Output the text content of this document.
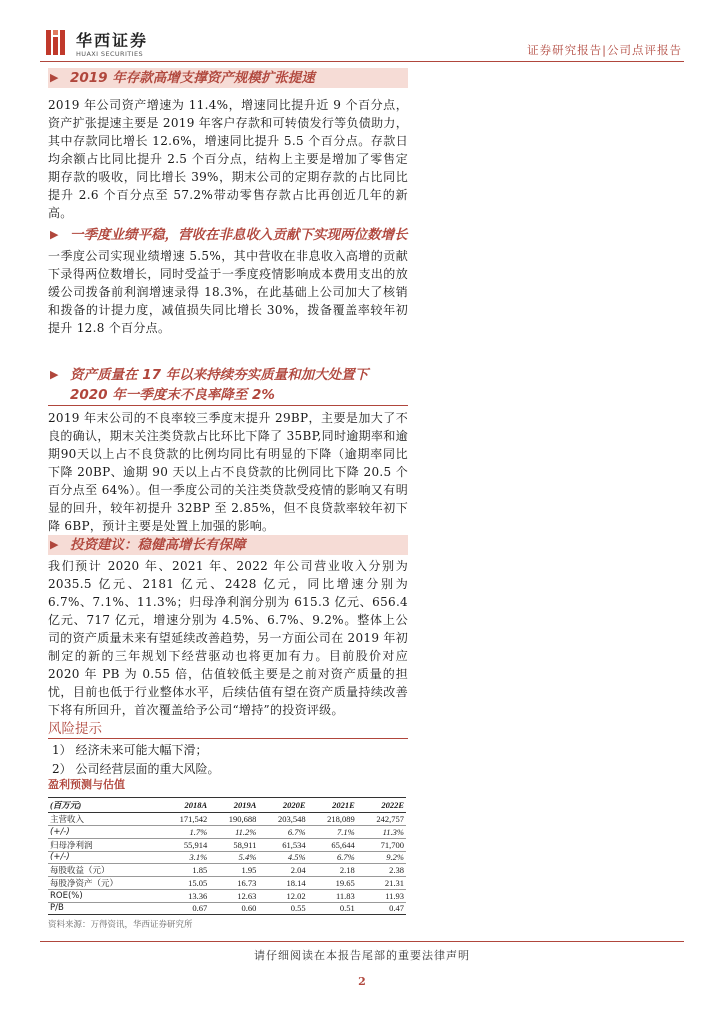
华西证券
HUAXI SECURITIES	证券研究报告|公司点评报告
▶ 2019 年存款高增支撑资产规模扩张提速
2019 年公司资产增速为 11.4%，增速同比提升近 9 个百分点，资产扩张提速主要是 2019 年客户存款和可转债发行等负债助力，其中存款同比增长 12.6%，增速同比提升 5.5 个百分点。存款日均余额占比同比提升 2.5 个百分点，结构上主要是增加了零售定期存款的吸收，同比增长 39%，期末公司的定期存款的占比同比提升 2.6 个百分点至 57.2%带动零售存款占比再创近几年的新高。
▶ 一季度业绩平稳，营收在非息收入贡献下实现两位数增长
一季度公司实现业绩增速 5.5%，其中营收在非息收入高增的贡献下录得两位数增长，同时受益于一季度疫情影响成本费用支出的放缓公司拨备前利润增速录得 18.3%，在此基础上公司加大了核销和拨备的计提力度，减值损失同比增长 30%，拨备覆盖率较年初提升 12.8 个百分点。
▶ 资产质量在 17 年以来持续夯实质量和加大处置下 2020 年一季度末不良率降至 2%
2019 年末公司的不良率较三季度末提升 29BP，主要是加大了不良的确认，期末关注类贷款占比环比下降了 35BP,同时逾期率和逾期90天以上占不良贷款的比例均同比有明显的下降（逾期率同比下降 20BP、逾期 90 天以上占不良贷款的比例同比下降 20.5 个百分点至 64%）。但一季度公司的关注类贷款受疫情的影响又有明显的回升，较年初提升 32BP 至 2.85%，但不良贷款率较年初下降 6BP，预计主要是处置上加强的影响。
▶ 投资建议：稳健高增长有保障
我们预计 2020 年、2021 年、2022 年公司营业收入分别为 2035.5 亿元、2181 亿元、2428 亿元，同比增速分别为 6.7%、7.1%、11.3%；归母净利润分别为 615.3 亿元、656.4 亿元、717 亿元，增速分别为 4.5%、6.7%、9.2%。整体上公司的资产质量未来有望延续改善趋势，另一方面公司在 2019 年初制定的新的三年规划下经营驱动也将更加有力。目前股价对应 2020 年 PB 为 0.55 倍，估值较低主要是之前对资产质量的担忧，目前也低于行业整体水平，后续估值有望在资产质量持续改善下将有所回升，首次覆盖给予公司“增持”的投资评级。
风险提示
1） 经济未来可能大幅下滑；
2） 公司经营层面的重大风险。
盈利预测与估值
(百万元)	2018A	2019A	2020E	2021E	2022E
主营收入	171,542	190,688	203,548	218,089	242,757
(+/-)	1.7%	11.2%	6.7%	7.1%	11.3%
归母净利润	55,914	58,911	61,534	65,644	71,700
(+/-)	3.1%	5.4%	4.5%	6.7%	9.2%
每股收益（元）	1.85	1.95	2.04	2.18	2.38
每股净资产（元）	15.05	16.73	18.14	19.65	21.31
ROE(%)	13.36	12.63	12.02	11.83	11.93
P/B	0.67	0.60	0.55	0.51	0.47
资料来源：万得资讯，华西证券研究所
请仔细阅读在本报告尾部的重要法律声明
2
